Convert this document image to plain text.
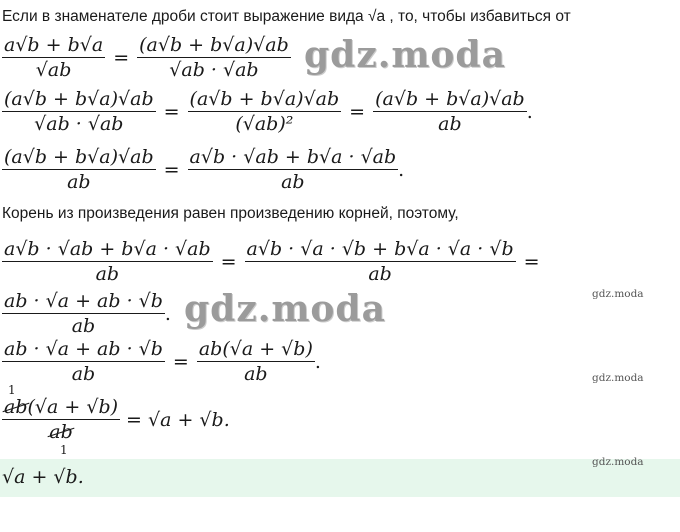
Если в знаменателе дроби стоит выражение вида √a , то, чтобы избавиться от
$\frac{a√b + b√a}{√ab} = \frac{(a√b + b√a)√ab}{√ab \cdot √ab}$
$\frac{(a√b + b√a)√ab}{√ab \cdot √ab} = \frac{(a√b + b√a)√ab}{\text{(√ab)²}} = \frac{(a√b + b√a)√ab}{ab}$ .
$\frac{(a√b + b√a)√ab}{ab} = \frac{a√b \cdot √ab + b√a \cdot √ab}{ab}$ .
Корень из произведения равен произведению корней, поэтому,
$\frac{a√b \cdot √ab + b√a \cdot √ab}{ab} = \frac{a√b \cdot √a \cdot √b + b√a \cdot √a \cdot √b}{ab}$ =
$\frac{ab \cdot √a + ab \cdot √b}{ab}$ .
$\frac{ab \cdot √a + ab \cdot √b}{ab} = \frac{ab(√a + √b)}{ab}$ .
1
ab(√a + √b)
ab
1
= √a + √b.
√a + √b.
gdz.moda
gdz.moda	gdz.moda
gdz.moda
gdz.moda
